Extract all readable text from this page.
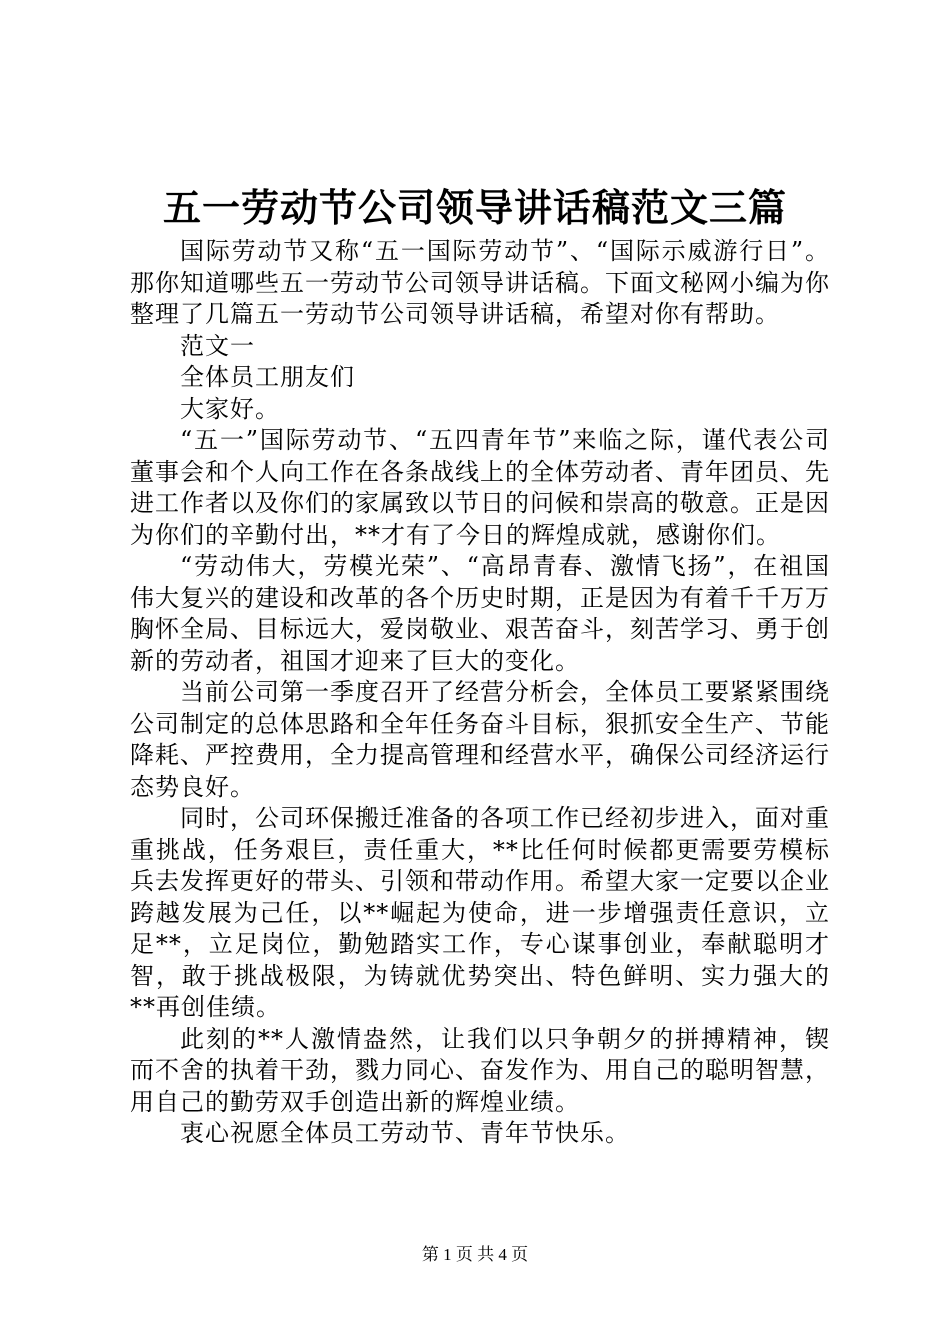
五一劳动节公司领导讲话稿范文三篇

国际劳动节又称“五一国际劳动节”、“国际示威游行日”。那你知道哪些五一劳动节公司领导讲话稿。下面文秘网小编为你整理了几篇五一劳动节公司领导讲话稿，希望对你有帮助。

范文一

全体员工朋友们

大家好。

“五一”国际劳动节、“五四青年节”来临之际，谨代表公司董事会和个人向工作在各条战线上的全体劳动者、青年团员、先进工作者以及你们的家属致以节日的问候和崇高的敬意。正是因为你们的辛勤付出，**才有了今日的辉煌成就，感谢你们。

“劳动伟大，劳模光荣”、“高昂青春、激情飞扬”，在祖国伟大复兴的建设和改革的各个历史时期，正是因为有着千千万万胸怀全局、目标远大，爱岗敬业、艰苦奋斗，刻苦学习、勇于创新的劳动者，祖国才迎来了巨大的变化。

当前公司第一季度召开了经营分析会，全体员工要紧紧围绕公司制定的总体思路和全年任务奋斗目标，狠抓安全生产、节能降耗、严控费用，全力提高管理和经营水平，确保公司经济运行态势良好。

同时，公司环保搬迁准备的各项工作已经初步进入，面对重重挑战，任务艰巨，责任重大，**比任何时候都更需要劳模标兵去发挥更好的带头、引领和带动作用。希望大家一定要以企业跨越发展为己任，以**崛起为使命，进一步增强责任意识，立足**，立足岗位，勤勉踏实工作，专心谋事创业，奉献聪明才智，敢于挑战极限，为铸就优势突出、特色鲜明、实力强大的**再创佳绩。

此刻的**人激情盎然，让我们以只争朝夕的拼搏精神，锲而不舍的执着干劲，戮力同心、奋发作为、用自己的聪明智慧，用自己的勤劳双手创造出新的辉煌业绩。

衷心祝愿全体员工劳动节、青年节快乐。

第 1 页 共 4 页
